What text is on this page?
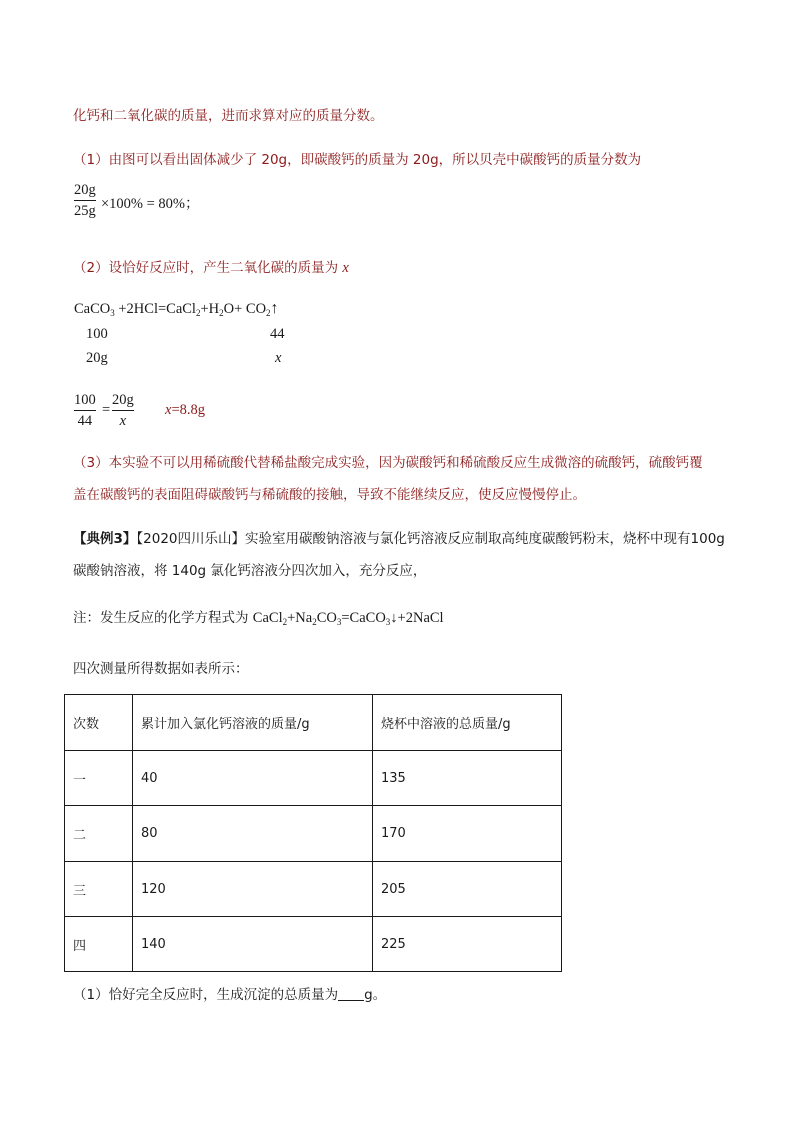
化钙和二氧化碳的质量，进而求算对应的质量分数。
（1）由图可以看出固体减少了 20g，即碳酸钙的质量为 20g，所以贝壳中碳酸钙的质量分数为
20g
25g ×100% = 80%；
（2）设恰好反应时，产生二氧化碳的质量为 x
CaCO$_3$ $+2HCl=CaCl_2+H_2O+$ $CO_2↑$
100	44
20g	x
100
44
=
20g
x
x=8.8g
（3）本实验不可以用稀硫酸代替稀盐酸完成实验，因为碳酸钙和稀硫酸反应生成微溶的硫酸钙，硫酸钙覆
盖在碳酸钙的表面阻碍碳酸钙与稀硫酸的接触，导致不能继续反应，使反应慢慢停止。
【典例3】【2020四川乐山】实验室用碳酸钠溶液与氯化钙溶液反应制取高纯度碳酸钙粉末，烧杯中现有100g
碳酸钠溶液，将 140g 氯化钙溶液分四次加入，充分反应，
注：发生反应的化学方程式为 $CaCl_2+Na_2CO_3=CaCO_3↓+2NaCl$
四次测量所得数据如表所示：
次数	累计加入氯化钙溶液的质量/g	烧杯中溶液的总质量/g
一	40	135
二	80	170
三	120	205
四	140	225
（1）恰好完全反应时，生成沉淀的总质量为 g。
